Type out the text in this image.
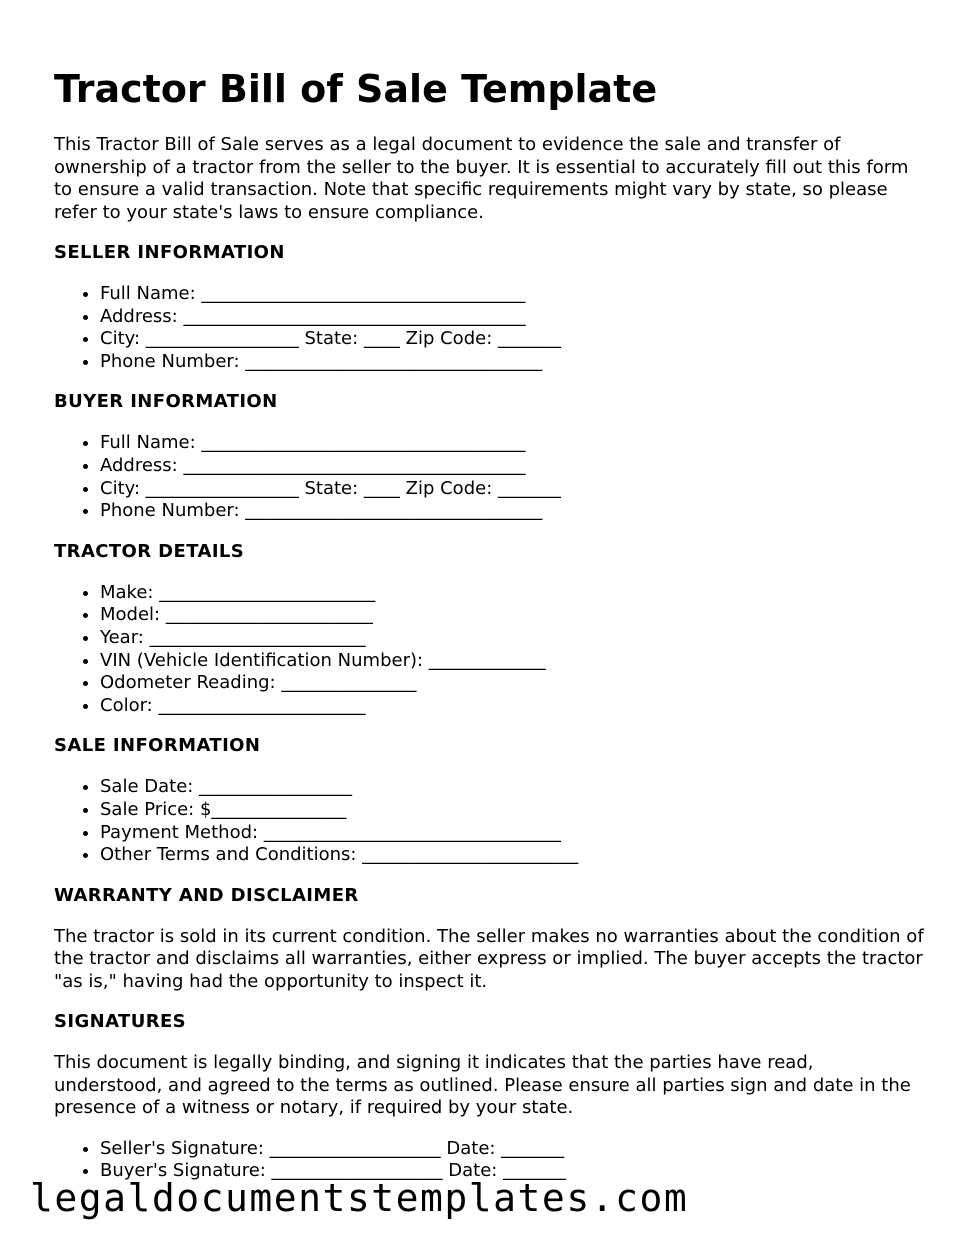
Tractor Bill of Sale Template

This Tractor Bill of Sale serves as a legal document to evidence the sale and transfer of ownership of a tractor from the seller to the buyer. It is essential to accurately fill out this form to ensure a valid transaction. Note that specific requirements might vary by state, so please refer to your state's laws to ensure compliance.

SELLER INFORMATION
• Full Name: ____________________________________
• Address: ______________________________________
• City: _________________ State: ____ Zip Code: _______
• Phone Number: _________________________________
BUYER INFORMATION
• Full Name: ____________________________________
• Address: ______________________________________
• City: _________________ State: ____ Zip Code: _______
• Phone Number: _________________________________
TRACTOR DETAILS
• Make: ________________________
• Model: _______________________
• Year: ________________________
• VIN (Vehicle Identification Number): _____________
• Odometer Reading: _______________
• Color: _______________________
SALE INFORMATION
• Sale Date: _________________
• Sale Price: $_______________
• Payment Method: _________________________________
• Other Terms and Conditions: ________________________
WARRANTY AND DISCLAIMER

The tractor is sold in its current condition. The seller makes no warranties about the condition of the tractor and disclaims all warranties, either express or implied. The buyer accepts the tractor "as is," having had the opportunity to inspect it.

SIGNATURES

This document is legally binding, and signing it indicates that the parties have read, understood, and agreed to the terms as outlined. Please ensure all parties sign and date in the presence of a witness or notary, if required by your state.

• Seller's Signature: ___________________ Date: _______
• Buyer's Signature: ___________________ Date: _______
legaldocumentstemplates.com
